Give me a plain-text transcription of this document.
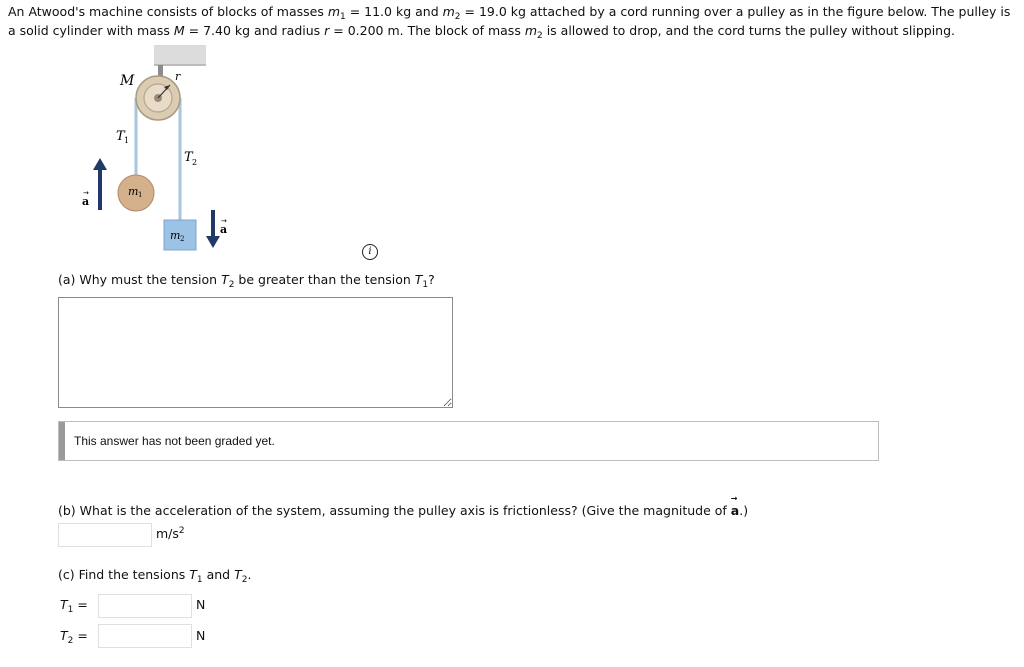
An Atwood's machine consists of blocks of masses $m_1 = 11.0$ kg and $m_2 = 19.0$ kg attached by a cord running over a pulley as in the figure below. The pulley is a solid cylinder with mass M = 7.40 kg and radius r = 0.200 m. The block of mass $m_2$ is allowed to drop, and the cord turns the pulley without slipping.
M	r
T 1
T 2
m 1
m 2
a
→
a
→
i
(a) Why must the tension $T_2$ be greater than the tension $T_1$?
This answer has not been graded yet.
(b) What is the acceleration of the system, assuming the pulley axis is frictionless? (Give the magnitude of → a.)
$m/s^2$
(c) Find the tensions $T_1$ and $T_2$.
$T_1$ =	N
$T_2$ =	N
